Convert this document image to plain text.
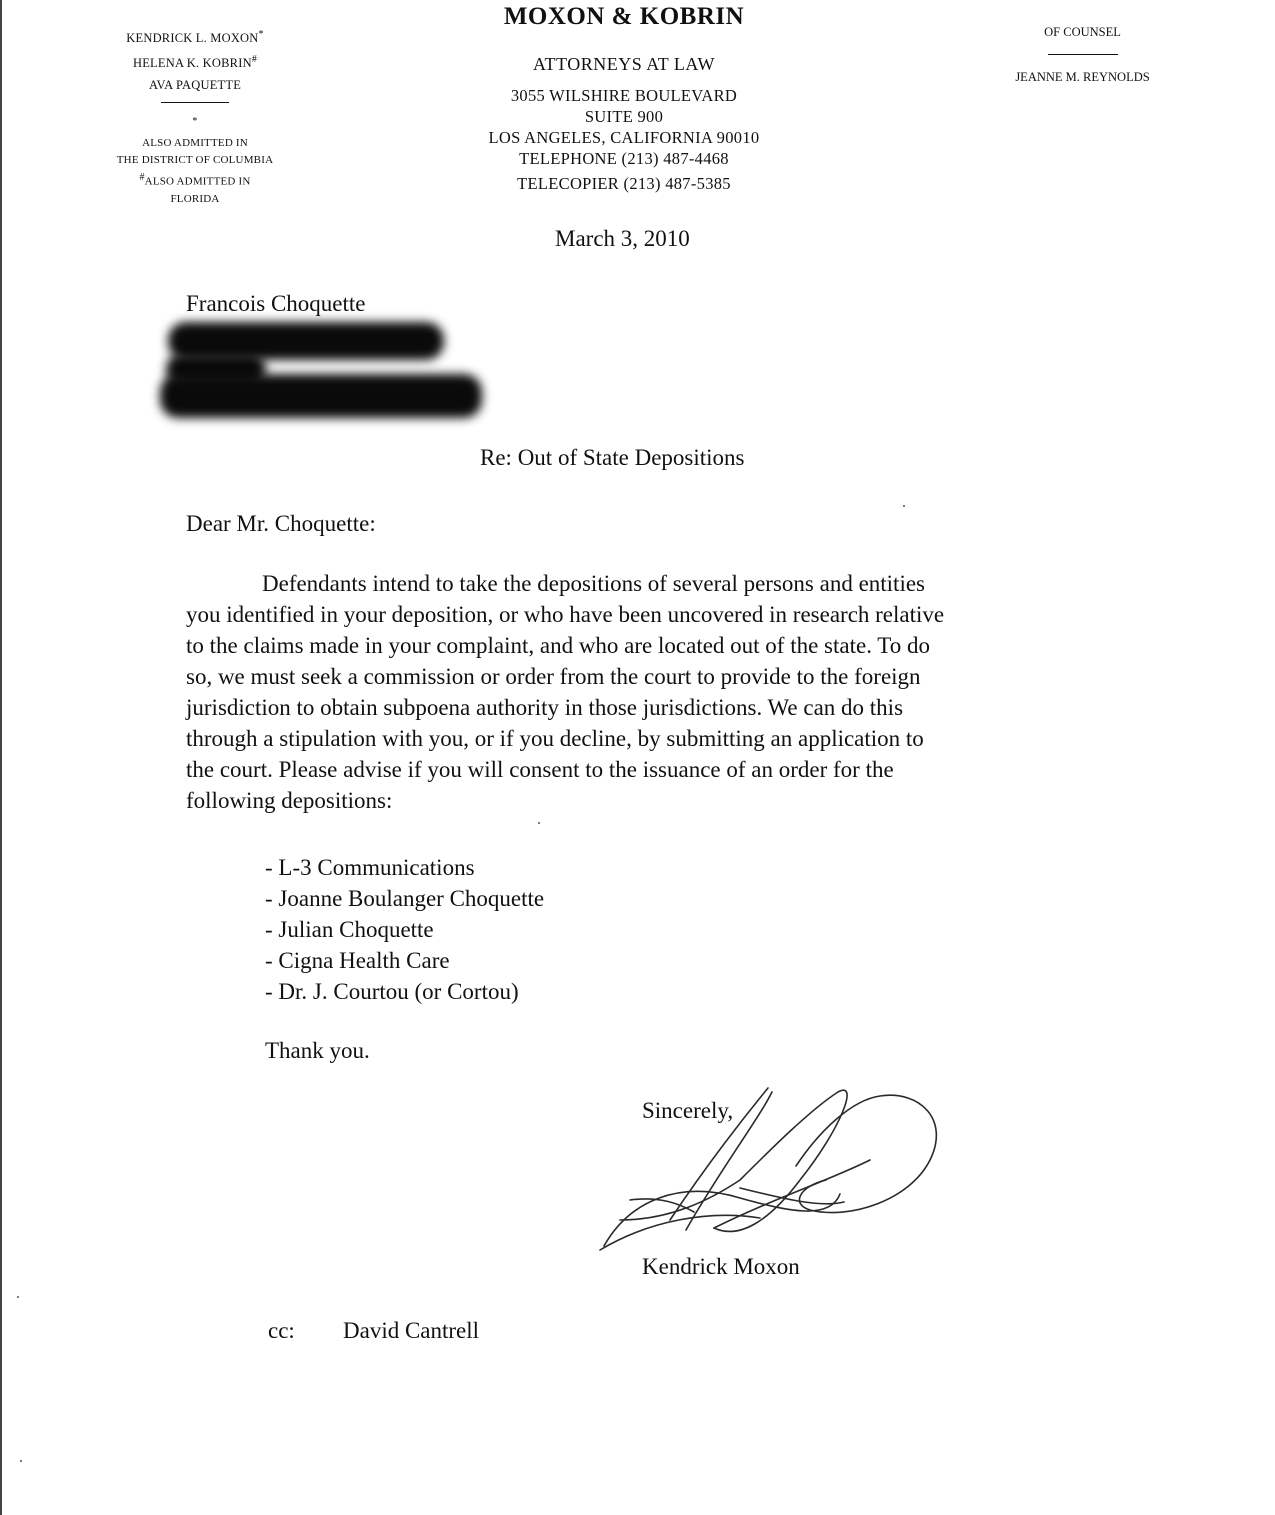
KENDRICK L. MOXON*
HELENA K. KOBRIN#
AVA PAQUETTE
*
ALSO ADMITTED IN
THE DISTRICT OF COLUMBIA
#ALSO ADMITTED IN
FLORIDA
MOXON & KOBRIN
ATTORNEYS AT LAW
3055 WILSHIRE BOULEVARD
SUITE 900
LOS ANGELES, CALIFORNIA 90010
TELEPHONE (213) 487-4468
TELECOPIER (213) 487-5385
OF COUNSEL
JEANNE M. REYNOLDS
March 3, 2010
Francois Choquette
Re: Out of State Depositions
Dear Mr. Choquette:
Defendants intend to take the depositions of several persons and entities
you identified in your deposition, or who have been uncovered in research relative
to the claims made in your complaint, and who are located out of the state. To do
so, we must seek a commission or order from the court to provide to the foreign
jurisdiction to obtain subpoena authority in those jurisdictions. We can do this
through a stipulation with you, or if you decline, by submitting an application to
the court. Please advise if you will consent to the issuance of an order for the
following depositions:
- L-3 Communications
- Joanne Boulanger Choquette
- Julian Choquette
- Cigna Health Care
- Dr. J. Courtou (or Cortou)
Thank you.
Sincerely,
Kendrick Moxon
cc: David Cantrell
